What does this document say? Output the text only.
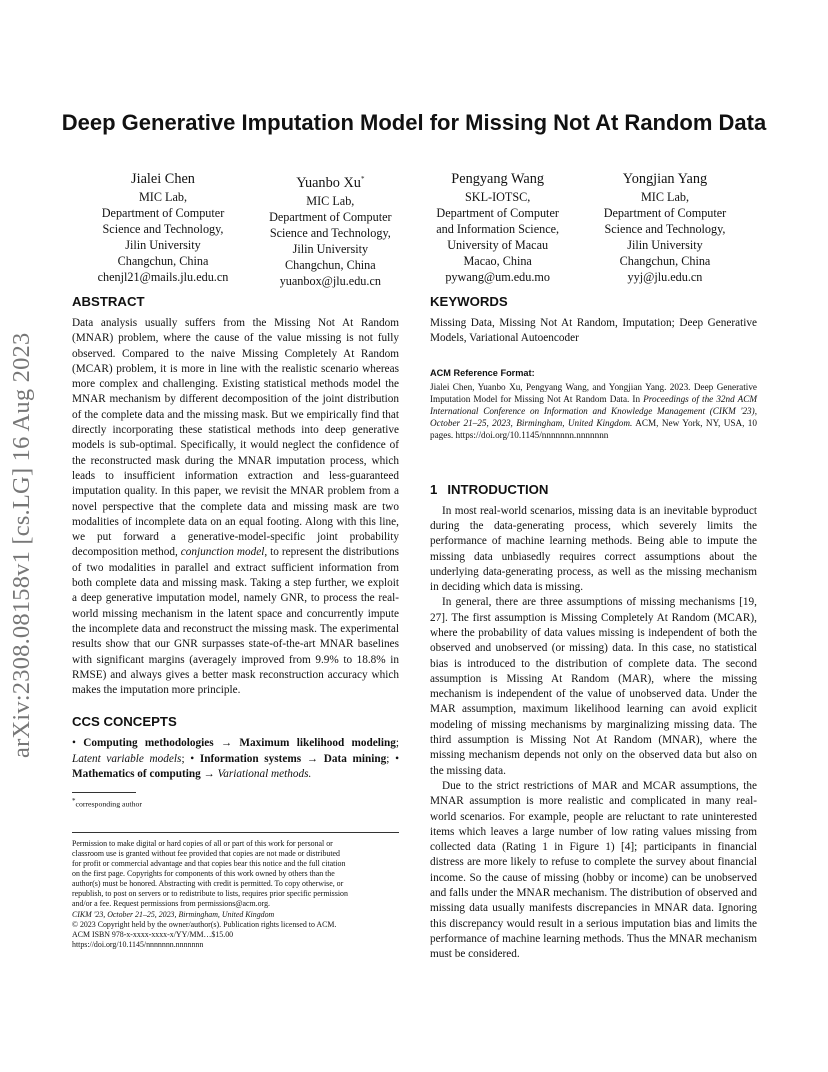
Deep Generative Imputation Model for Missing Not At Random Data
Jialei Chen
MIC Lab,
Department of Computer
Science and Technology,
Jilin University
Changchun, China
chenjl21@mails.jlu.edu.cn
Yuanbo Xu*
MIC Lab,
Department of Computer
Science and Technology,
Jilin University
Changchun, China
yuanbox@jlu.edu.cn
Pengyang Wang
SKL-IOTSC,
Department of Computer
and Information Science,
University of Macau
Macao, China
pywang@um.edu.mo
Yongjian Yang
MIC Lab,
Department of Computer
Science and Technology,
Jilin University
Changchun, China
yyj@jlu.edu.cn
arXiv:2308.08158v1 [cs.LG] 16 Aug 2023
ABSTRACT

Data analysis usually suffers from the Missing Not At Random (MNAR) problem, where the cause of the value missing is not fully observed. Compared to the naive Missing Completely At Random (MCAR) problem, it is more in line with the realistic scenario whereas more complex and challenging. Existing statistical methods model the MNAR mechanism by different decomposition of the joint distribution of the complete data and the missing mask. But we empirically find that directly incorporating these statistical methods into deep generative models is sub-optimal. Specifically, it would neglect the confidence of the reconstructed mask during the MNAR imputation process, which leads to insufficient information extraction and less-guaranteed imputation quality. In this paper, we revisit the MNAR problem from a novel perspective that the complete data and missing mask are two modalities of incomplete data on an equal footing. Along with this line, we put forward a generative-model-specific joint probability decomposition method, conjunction model, to represent the distributions of two modalities in parallel and extract sufficient information from both complete data and missing mask. Taking a step further, we exploit a deep generative imputation model, namely GNR, to process the real-world missing mechanism in the latent space and concurrently impute the incomplete data and reconstruct the missing mask. The experimental results show that our GNR surpasses state-of-the-art MNAR baselines with significant margins (averagely improved from 9.9% to 18.8% in RMSE) and always gives a better mask reconstruction accuracy which makes the imputation more principle.

CCS CONCEPTS

• Computing methodologies → Maximum likelihood modeling; Latent variable models; • Information systems → Data mining; • Mathematics of computing → Variational methods.

*corresponding author
Permission to make digital or hard copies of all or part of this work for personal or
classroom use is granted without fee provided that copies are not made or distributed
for profit or commercial advantage and that copies bear this notice and the full citation
on the first page. Copyrights for components of this work owned by others than the
author(s) must be honored. Abstracting with credit is permitted. To copy otherwise, or
republish, to post on servers or to redistribute to lists, requires prior specific permission
and/or a fee. Request permissions from permissions@acm.org.
CIKM '23, October 21–25, 2023, Birmingham, United Kingdom
© 2023 Copyright held by the owner/author(s). Publication rights licensed to ACM.
ACM ISBN 978-x-xxxx-xxxx-x/YY/MM…$15.00
https://doi.org/10.1145/nnnnnnn.nnnnnnn
KEYWORDS

Missing Data, Missing Not At Random, Imputation; Deep Generative Models, Variational Autoencoder

ACM Reference Format:

Jialei Chen, Yuanbo Xu, Pengyang Wang, and Yongjian Yang. 2023. Deep Generative Imputation Model for Missing Not At Random Data. In Proceedings of the 32nd ACM International Conference on Information and Knowledge Management (CIKM '23), October 21–25, 2023, Birmingham, United Kingdom. ACM, New York, NY, USA, 10 pages. https://doi.org/10.1145/nnnnnnn.nnnnnnn

1 INTRODUCTION

In most real-world scenarios, missing data is an inevitable byproduct during the data-generating process, which severely limits the performance of machine learning methods. Being able to impute the missing data unbiasedly requires correct assumptions about the underlying data-generating process, as well as the missing mechanism in deciding which data is missing.

In general, there are three assumptions of missing mechanisms [19, 27]. The first assumption is Missing Completely At Random (MCAR), where the probability of data values missing is independent of both the observed and unobserved (or missing) data. In this case, no statistical bias is introduced to the distribution of complete data. The second assumption is Missing At Random (MAR), where the missing mechanism is independent of the value of unobserved data. Under the MAR assumption, maximum likelihood learning can avoid explicit modeling of missing mechanisms by marginalizing missing data. The third assumption is Missing Not At Random (MNAR), where the missing mechanism depends not only on the observed data but also on the missing data.

Due to the strict restrictions of MAR and MCAR assumptions, the MNAR assumption is more realistic and complicated in many real-world scenarios. For example, people are reluctant to rate uninterested items which leaves a large number of low rating values missing from collected data (Rating 1 in Figure 1) [4]; participants in financial distress are more likely to refuse to complete the survey about financial income. So the cause of missing (hobby or income) can be unobserved and falls under the MNAR mechanism. The distribution of observed and missing data usually manifests discrepancies in MNAR data. Ignoring this discrepancy would result in a serious imputation bias and limits the performance of machine learning methods. Thus the MNAR mechanism must be considered.
